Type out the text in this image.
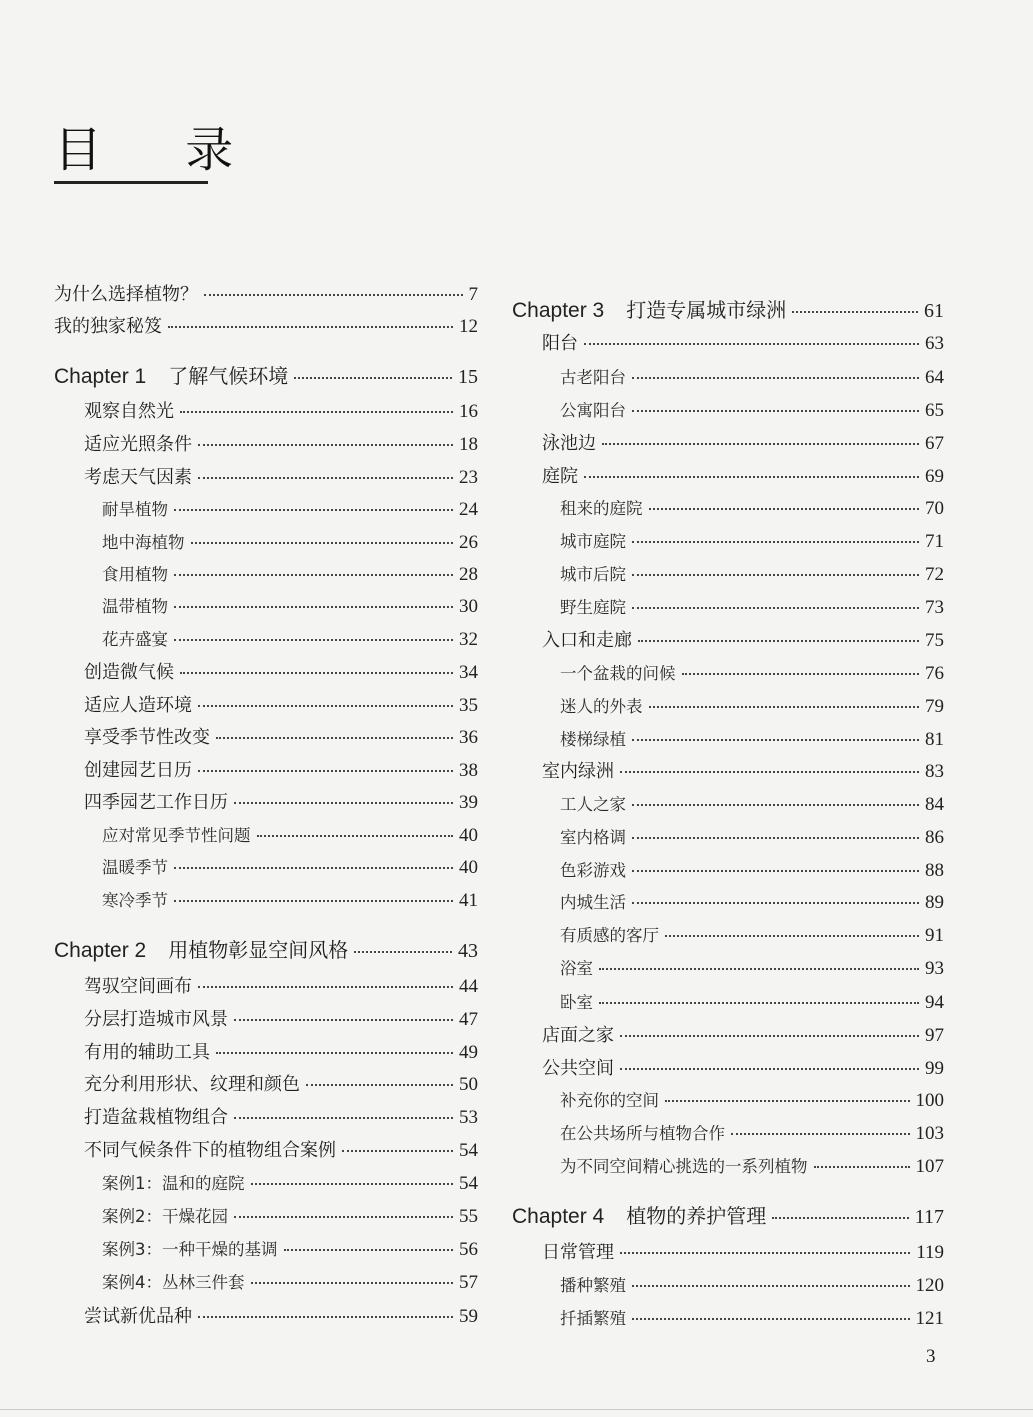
目 录
为什么选择植物？	7
我的独家秘笈	12
Chapter 1 了解气候环境	15
观察自然光	16
适应光照条件	18
考虑天气因素	23
耐旱植物	24
地中海植物	26
食用植物	28
温带植物	30
花卉盛宴	32
创造微气候	34
适应人造环境	35
享受季节性改变	36
创建园艺日历	38
四季园艺工作日历	39
应对常见季节性问题	40
温暖季节	40
寒冷季节	41
Chapter 2 用植物彰显空间风格	43
驾驭空间画布	44
分层打造城市风景	47
有用的辅助工具	49
充分利用形状、纹理和颜色	50
打造盆栽植物组合	53
不同气候条件下的植物组合案例	54
案例1：温和的庭院	54
案例2：干燥花园	55
案例3：一种干燥的基调	56
案例4：丛林三件套	57
尝试新优品种	59
Chapter 3 打造专属城市绿洲	61
阳台	63
古老阳台	64
公寓阳台	65
泳池边	67
庭院	69
租来的庭院	70
城市庭院	71
城市后院	72
野生庭院	73
入口和走廊	75
一个盆栽的问候	76
迷人的外表	79
楼梯绿植	81
室内绿洲	83
工人之家	84
室内格调	86
色彩游戏	88
内城生活	89
有质感的客厅	91
浴室	93
卧室	94
店面之家	97
公共空间	99
补充你的空间	100
在公共场所与植物合作	103
为不同空间精心挑选的一系列植物	107
Chapter 4 植物的养护管理	117
日常管理	119
播种繁殖	120
扦插繁殖	121
3
